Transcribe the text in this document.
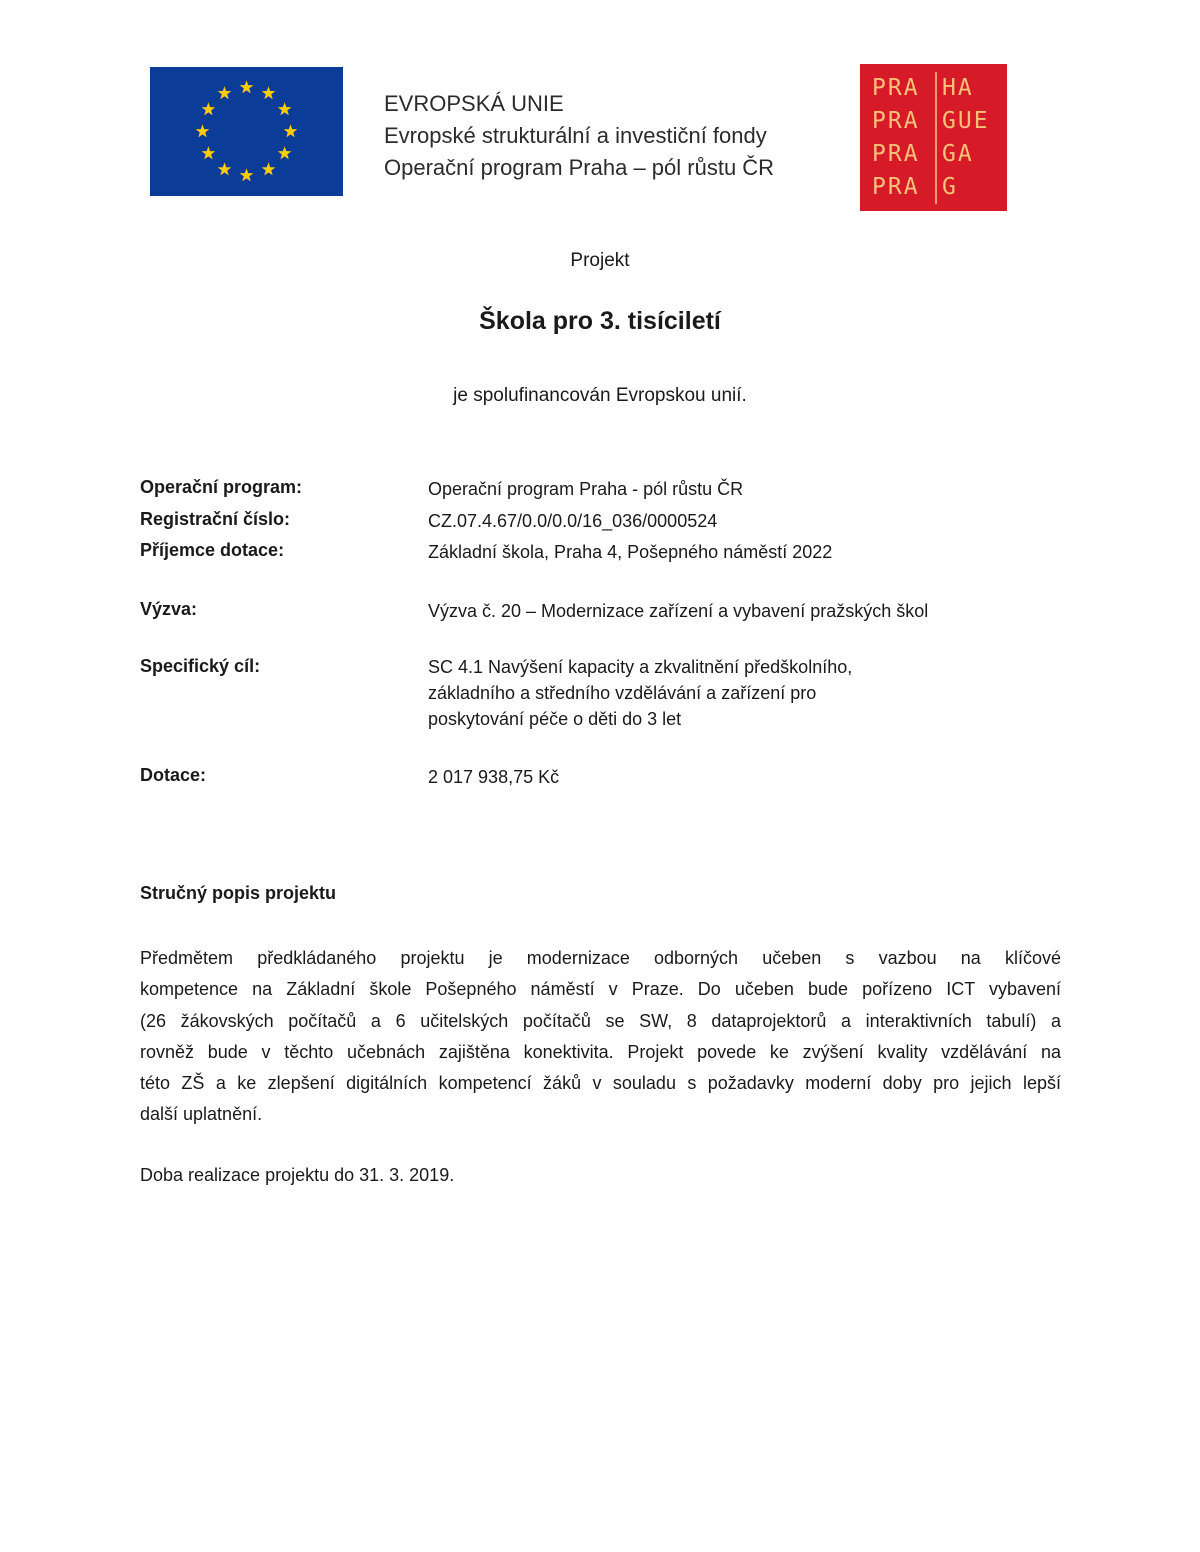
EVROPSKÁ UNIE
Evropské strukturální a investiční fondy
Operační program Praha – pól růstu ČR
PRA
PRA
PRA
PRA
HA
GUE
GA
G
Projekt
Škola pro 3. tisíciletí
je spolufinancován Evropskou unií.
Operační program:	Operační program Praha - pól růstu ČR
Registrační číslo:	CZ.07.4.67/0.0/0.0/16_036/0000524
Příjemce dotace:	Základní škola, Praha 4, Pošepného náměstí 2022
Výzva:	Výzva č. 20 – Modernizace zařízení a vybavení pražských škol
Specifický cíl:	SC 4.1 Navýšení kapacity a zkvalitnění předškolního,
základního a středního vzdělávání a zařízení pro
poskytování péče o děti do 3 let
Dotace:	2 017 938,75 Kč
Stručný popis projektu
Předmětem předkládaného projektu je modernizace odborných učeben s vazbou na klíčové
kompetence na Základní škole Pošepného náměstí v Praze. Do učeben bude pořízeno ICT vybavení
(26 žákovských počítačů a 6 učitelských počítačů se SW, 8 dataprojektorů a interaktivních tabulí) a
rovněž bude v těchto učebnách zajištěna konektivita. Projekt povede ke zvýšení kvality vzdělávání na
této ZŠ a ke zlepšení digitálních kompetencí žáků v souladu s požadavky moderní doby pro jejich lepší
další uplatnění.
Doba realizace projektu do 31. 3. 2019.
